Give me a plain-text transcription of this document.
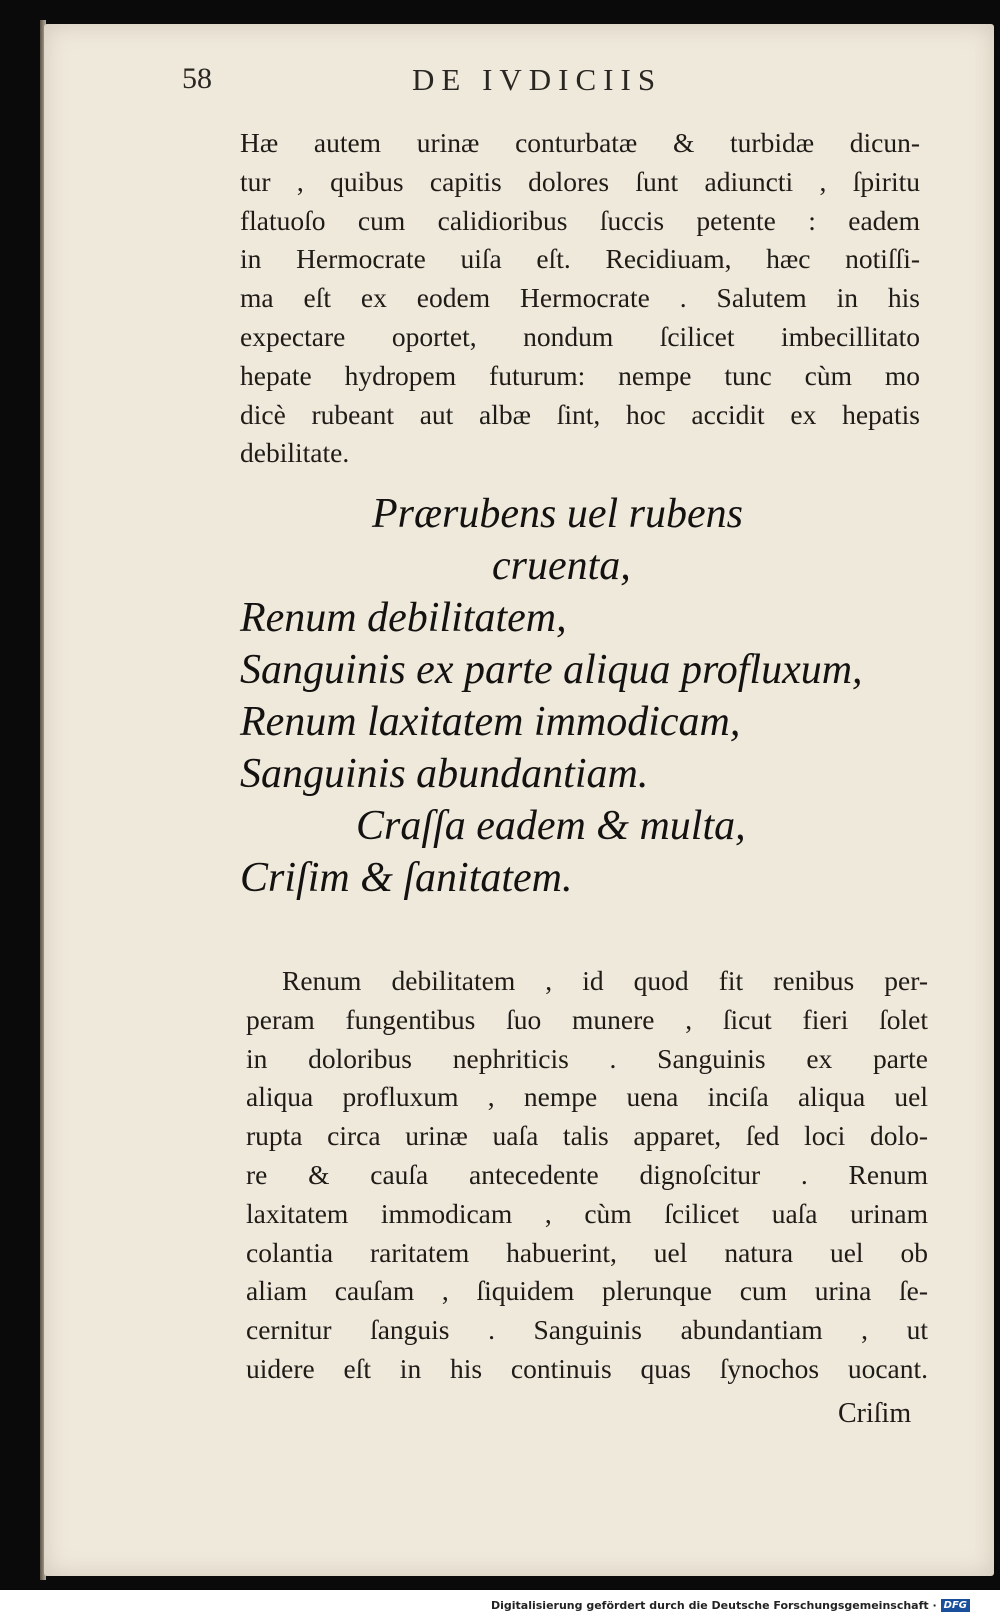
58	DE IVDICIIS
Hæ autem urinæ conturbatæ & turbidæ dicun-
tur , quibus capitis dolores ſunt adiuncti , ſpiritu
flatuoſo cum calidioribus ſuccis petente : eadem
in Hermocrate uiſa eſt. Recidiuam, hæc notiſſi-
ma eſt ex eodem Hermocrate . Salutem in his
expectare oportet, nondum ſcilicet imbecillitato
hepate hydropem futurum: nempe tunc cùm mo
dicè rubeant aut albæ ſint, hoc accidit ex hepatis
debilitate.
Prærubens uel rubens
cruenta,
Renum debilitatem,
Sanguinis ex parte aliqua profluxum,
Renum laxitatem immodicam,
Sanguinis abundantiam.
Craſſa eadem & multa,
Criſim & ſanitatem.
Renum debilitatem , id quod fit renibus per-
peram fungentibus ſuo munere , ſicut fieri ſolet
in doloribus nephriticis . Sanguinis ex parte
aliqua profluxum , nempe uena inciſa aliqua uel
rupta circa urinæ uaſa talis apparet, ſed loci dolo-
re & cauſa antecedente dignoſcitur . Renum
laxitatem immodicam , cùm ſcilicet uaſa urinam
colantia raritatem habuerint, uel natura uel ob
aliam cauſam , ſiquidem plerunque cum urina ſe-
cernitur ſanguis . Sanguinis abundantiam , ut
uidere eſt in his continuis quas ſynochos uocant.
Criſim
Digitalisierung gefördert durch die Deutsche Forschungsgemeinschaft · DFG
